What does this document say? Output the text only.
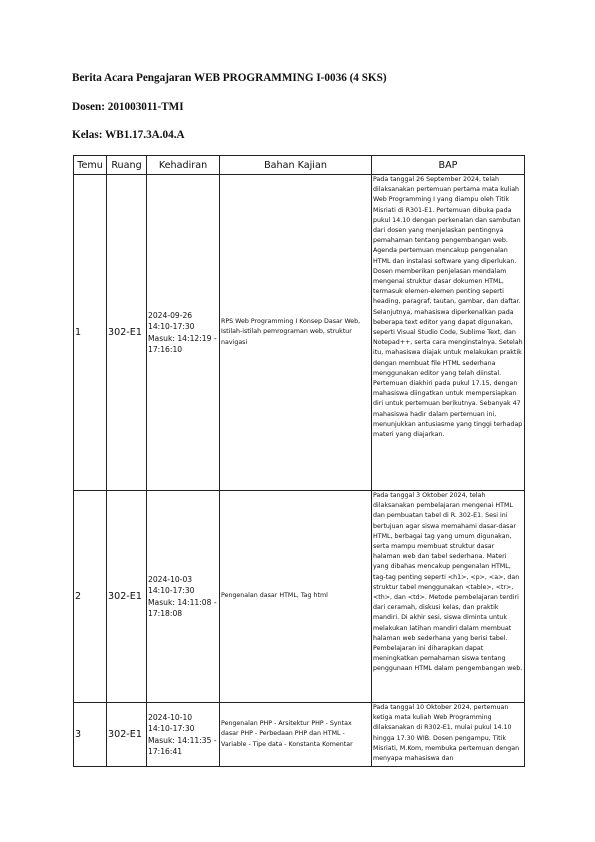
Berita Acara Pengajaran WEB PROGRAMMING I-0036 (4 SKS)
Dosen: 201003011-TMI
Kelas: WB1.17.3A.04.A
Temu	Ruang	Kehadiran	Bahan Kajian	BAP
1	302-E1	2024-09-26 14:10-17:30 Masuk: 14:12:19 - 17:16:10	RPS Web Programming I Konsep Dasar Web, Istilah-istilah pemrograman web, struktur navigasi	Pada tanggal 26 September 2024, telah dilaksanakan pertemuan pertama mata kuliah Web Programming I yang diampu oleh Titik Misriati di R301-E1. Pertemuan dibuka pada pukul 14.10 dengan perkenalan dan sambutan dari dosen yang menjelaskan pentingnya pemahaman tentang pengembangan web. Agenda pertemuan mencakup pengenalan HTML dan instalasi software yang diperlukan. Dosen memberikan penjelasan mendalam mengenai struktur dasar dokumen HTML, termasuk elemen-elemen penting seperti heading, paragraf, tautan, gambar, dan daftar. Selanjutnya, mahasiswa diperkenalkan pada beberapa text editor yang dapat digunakan, seperti Visual Studio Code, Sublime Text, dan Notepad++, serta cara menginstalnya. Setelah itu, mahasiswa diajak untuk melakukan praktik dengan membuat file HTML sederhana menggunakan editor yang telah diinstal. Pertemuan diakhiri pada pukul 17.15, dengan mahasiswa diingatkan untuk mempersiapkan diri untuk pertemuan berikutnya. Sebanyak 47 mahasiswa hadir dalam pertemuan ini, menunjukkan antusiasme yang tinggi terhadap materi yang diajarkan.
2	302-E1	2024-10-03 14:10-17:30 Masuk: 14:11:08 - 17:18:08	Pengenalan dasar HTML, Tag html	Pada tanggal 3 Oktober 2024, telah dilaksanakan pembelajaran mengenai HTML dan pembuatan tabel di R. 302-E1. Sesi ini bertujuan agar siswa memahami dasar-dasar HTML, berbagai tag yang umum digunakan, serta mampu membuat struktur dasar halaman web dan tabel sederhana. Materi yang dibahas mencakup pengenalan HTML, tag-tag penting seperti <h1>, <p>, <a>, dan struktur tabel menggunakan <table>, <tr>, <th>, dan <td>. Metode pembelajaran terdiri dari ceramah, diskusi kelas, dan praktik mandiri. Di akhir sesi, siswa diminta untuk melakukan latihan mandiri dalam membuat halaman web sederhana yang berisi tabel. Pembelajaran ini diharapkan dapat meningkatkan pemahaman siswa tentang penggunaan HTML dalam pengembangan web.
3	302-E1	2024-10-10 14:10-17:30 Masuk: 14:11:35 - 17:16:41	Pengenalan PHP - Arsitektur PHP - Syntax dasar PHP - Perbedaan PHP dan HTML - Variable - Tipe data - Konstanta Komentar	Pada tanggal 10 Oktober 2024, pertemuan ketiga mata kuliah Web Programming dilaksanakan di R302-E1, mulai pukul 14.10 hingga 17.30 WIB. Dosen pengampu, Titik Misriati, M.Kom, membuka pertemuan dengan menyapa mahasiswa dan
